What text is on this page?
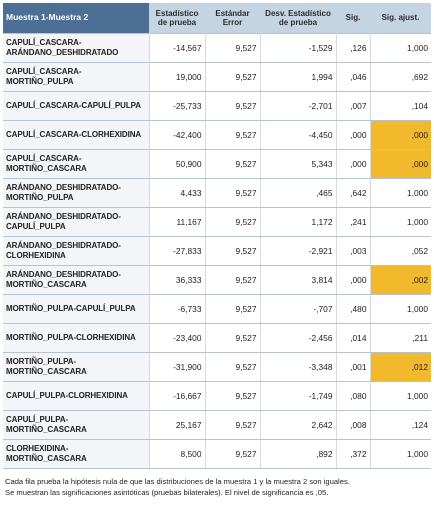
Muestra 1-Muestra 2	Estadístico de prueba	Estándar Error	Desv. Estadístico de prueba	Sig.	Sig. ajust.
CAPULÍ_CASCARA-ARÁNDANO_DESHIDRATADO	-14,567	9,527	-1,529	,126	1,000
CAPULÍ_CASCARA-MORTIÑO_PULPA	19,000	9,527	1,994	,046	,692
CAPULÍ_CASCARA-CAPULÍ_PULPA	-25,733	9,527	-2,701	,007	,104
CAPULÍ_CASCARA-CLORHEXIDINA	-42,400	9,527	-4,450	,000	,000
CAPULÍ_CASCARA-MORTIÑO_CASCARA	50,900	9,527	5,343	,000	,000
ARÁNDANO_DESHIDRATADO-MORTIÑO_PULPA	4,433	9,527	,465	,642	1,000
ARÁNDANO_DESHIDRATADO-CAPULÍ_PULPA	11,167	9,527	1,172	,241	1,000
ARÁNDANO_DESHIDRATADO-CLORHEXIDINA	-27,833	9,527	-2,921	,003	,052
ARÁNDANO_DESHIDRATADO-MORTIÑO_CASCARA	36,333	9,527	3,814	,000	,002
MORTIÑO_PULPA-CAPULÍ_PULPA	-6,733	9,527	-,707	,480	1,000
MORTIÑO_PULPA-CLORHEXIDINA	-23,400	9,527	-2,456	,014	,211
MORTIÑO_PULPA-MORTIÑO_CASCARA	-31,900	9,527	-3,348	,001	,012
CAPULÍ_PULPA-CLORHEXIDINA	-16,667	9,527	-1,749	,080	1,000
CAPULÍ_PULPA-MORTIÑO_CASCARA	25,167	9,527	2,642	,008	,124
CLORHEXIDINA-MORTIÑO_CASCARA	8,500	9,527	,892	,372	1,000
Cada fila prueba la hipótesis nula de que las distribuciones de la muestra 1 y la muestra 2 son iguales.
Se muestran las significaciones asintóticas (pruebas bilaterales). El nivel de significancia es ,05.
